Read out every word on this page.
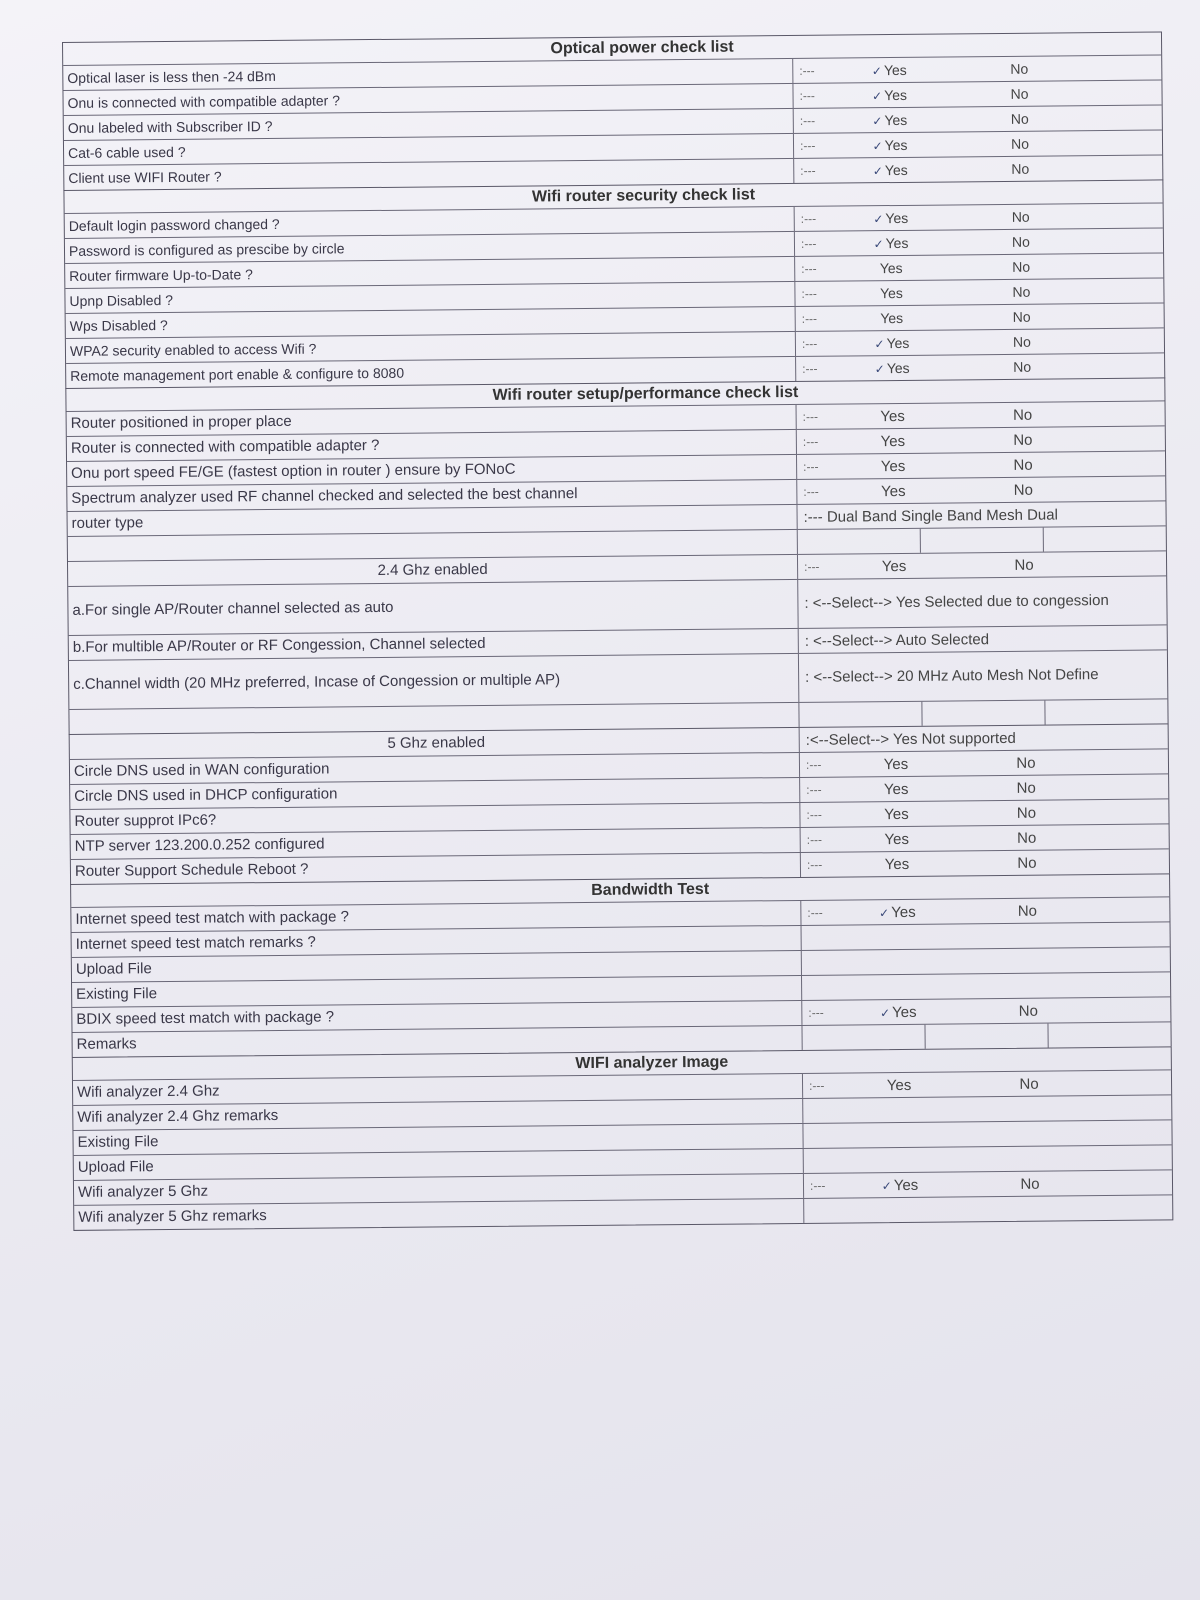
Optical power check list
Optical laser is less then -24 dBm	:---	✓ Yes	No
Onu is connected with compatible adapter ?	:---	✓ Yes	No
Onu labeled with Subscriber ID ?	:---	✓ Yes	No
Cat-6 cable used ?	:---	✓ Yes	No
Client use WIFI Router ?	:---	✓ Yes	No
Wifi router security check list
Default login password changed ?	:---	✓ Yes	No
Password is configured as prescibe by circle	:---	✓ Yes	No
Router firmware Up-to-Date ?	:---	Yes	No
Upnp Disabled ?	:---	Yes	No
Wps Disabled ?	:---	Yes	No
WPA2 security enabled to access Wifi ?	:---	✓ Yes	No
Remote management port enable & configure to 8080	:---	✓ Yes	No
Wifi router setup/performance check list
Router positioned in proper place	:---	Yes	No
Router is connected with compatible adapter ?	:---	Yes	No
Onu port speed FE/GE (fastest option in router ) ensure by FONoC	:---	Yes	No
Spectrum analyzer used RF channel checked and selected the best channel	:---	Yes	No
router type	:--- Dual Band Single Band Mesh Dual
2.4 Ghz enabled	:---	Yes	No
a.For single AP/Router channel selected as auto	: <--Select--> Yes Selected due to congession
b.For multible AP/Router or RF Congession, Channel selected	: <--Select--> Auto Selected
c.Channel width (20 MHz preferred, Incase of Congession or multiple AP)	: <--Select--> 20 MHz Auto Mesh Not Define
5 Ghz enabled	:<--Select--> Yes Not supported
Circle DNS used in WAN configuration	:---	Yes	No
Circle DNS used in DHCP configuration	:---	Yes	No
Router supprot IPc6?	:---	Yes	No
NTP server 123.200.0.252 configured	:---	Yes	No
Router Support Schedule Reboot ?	:---	Yes	No
Bandwidth Test
Internet speed test match with package ?	:---	✓ Yes	No
Internet speed test match remarks ?
Upload File
Existing File
BDIX speed test match with package ?	:---	✓ Yes	No
Remarks
WIFI analyzer Image
Wifi analyzer 2.4 Ghz	:---	Yes	No
Wifi analyzer 2.4 Ghz remarks
Existing File
Upload File
Wifi analyzer 5 Ghz	:---	✓ Yes	No
Wifi analyzer 5 Ghz remarks
